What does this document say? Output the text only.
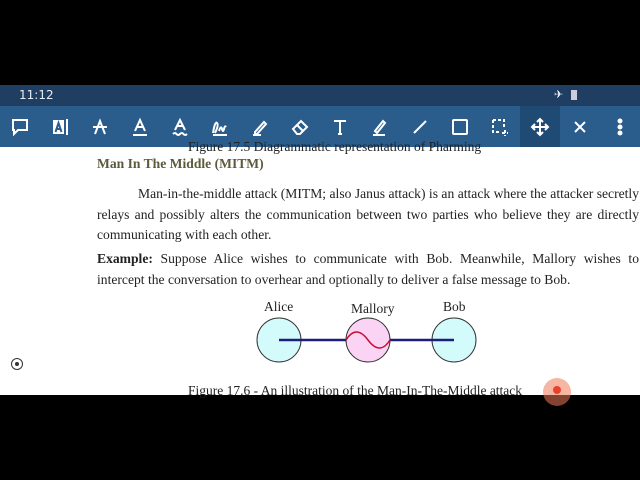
11:12	✈
Figure 17.5 Diagrammatic representation of Pharming
Man In The Middle (MITM)
Man-in-the-middle attack (MITM; also Janus attack) is an attack where the attacker secretly relays and possibly alters the communication between two parties who believe they are directly communicating with each other.
Example: Suppose Alice wishes to communicate with Bob. Meanwhile, Mallory wishes to intercept the conversation to overhear and optionally to deliver a false message to Bob.
Alice	Mallory	Bob
Figure 17.6 - An illustration of the Man-In-The-Middle attack
